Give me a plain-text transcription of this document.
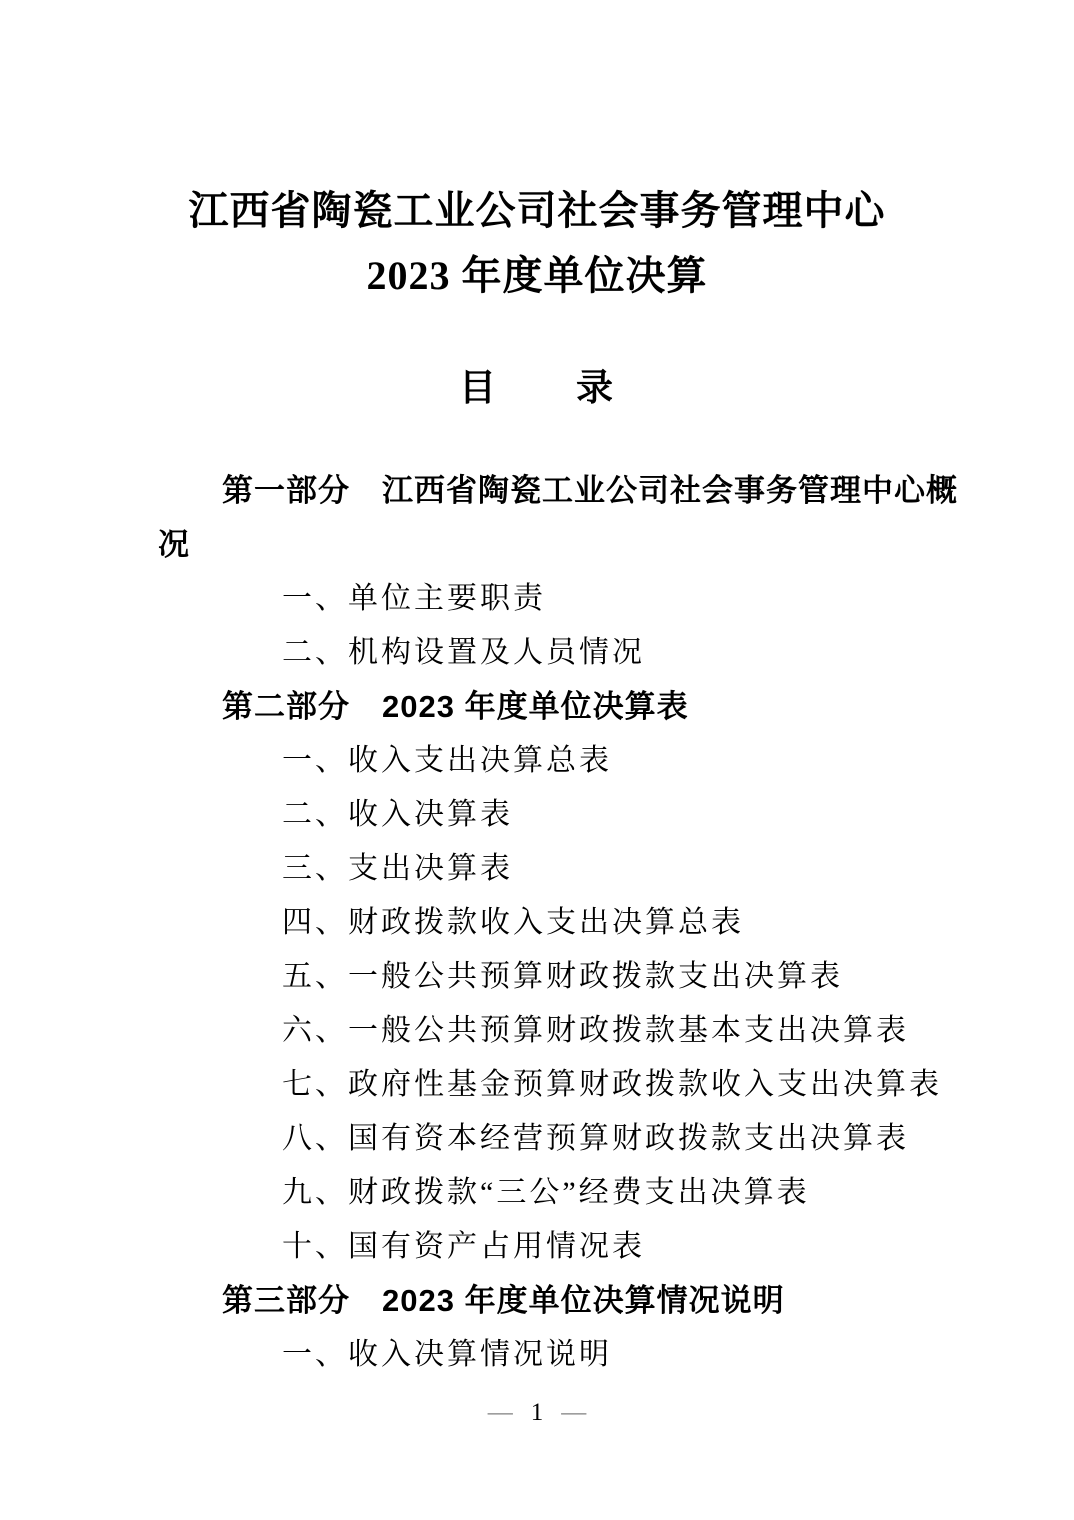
江西省陶瓷工业公司社会事务管理中心
2023 年度单位决算
目　　录

第一部分　江西省陶瓷工业公司社会事务管理中心概

况

一、单位主要职责

二、机构设置及人员情况

第二部分　2023 年度单位决算表

一、收入支出决算总表

二、收入决算表

三、支出决算表

四、财政拨款收入支出决算总表

五、一般公共预算财政拨款支出决算表

六、一般公共预算财政拨款基本支出决算表

七、政府性基金预算财政拨款收入支出决算表

八、国有资本经营预算财政拨款支出决算表

九、财政拨款“三公”经费支出决算表

十、国有资产占用情况表

第三部分　2023 年度单位决算情况说明

一、收入决算情况说明

— 1 —
